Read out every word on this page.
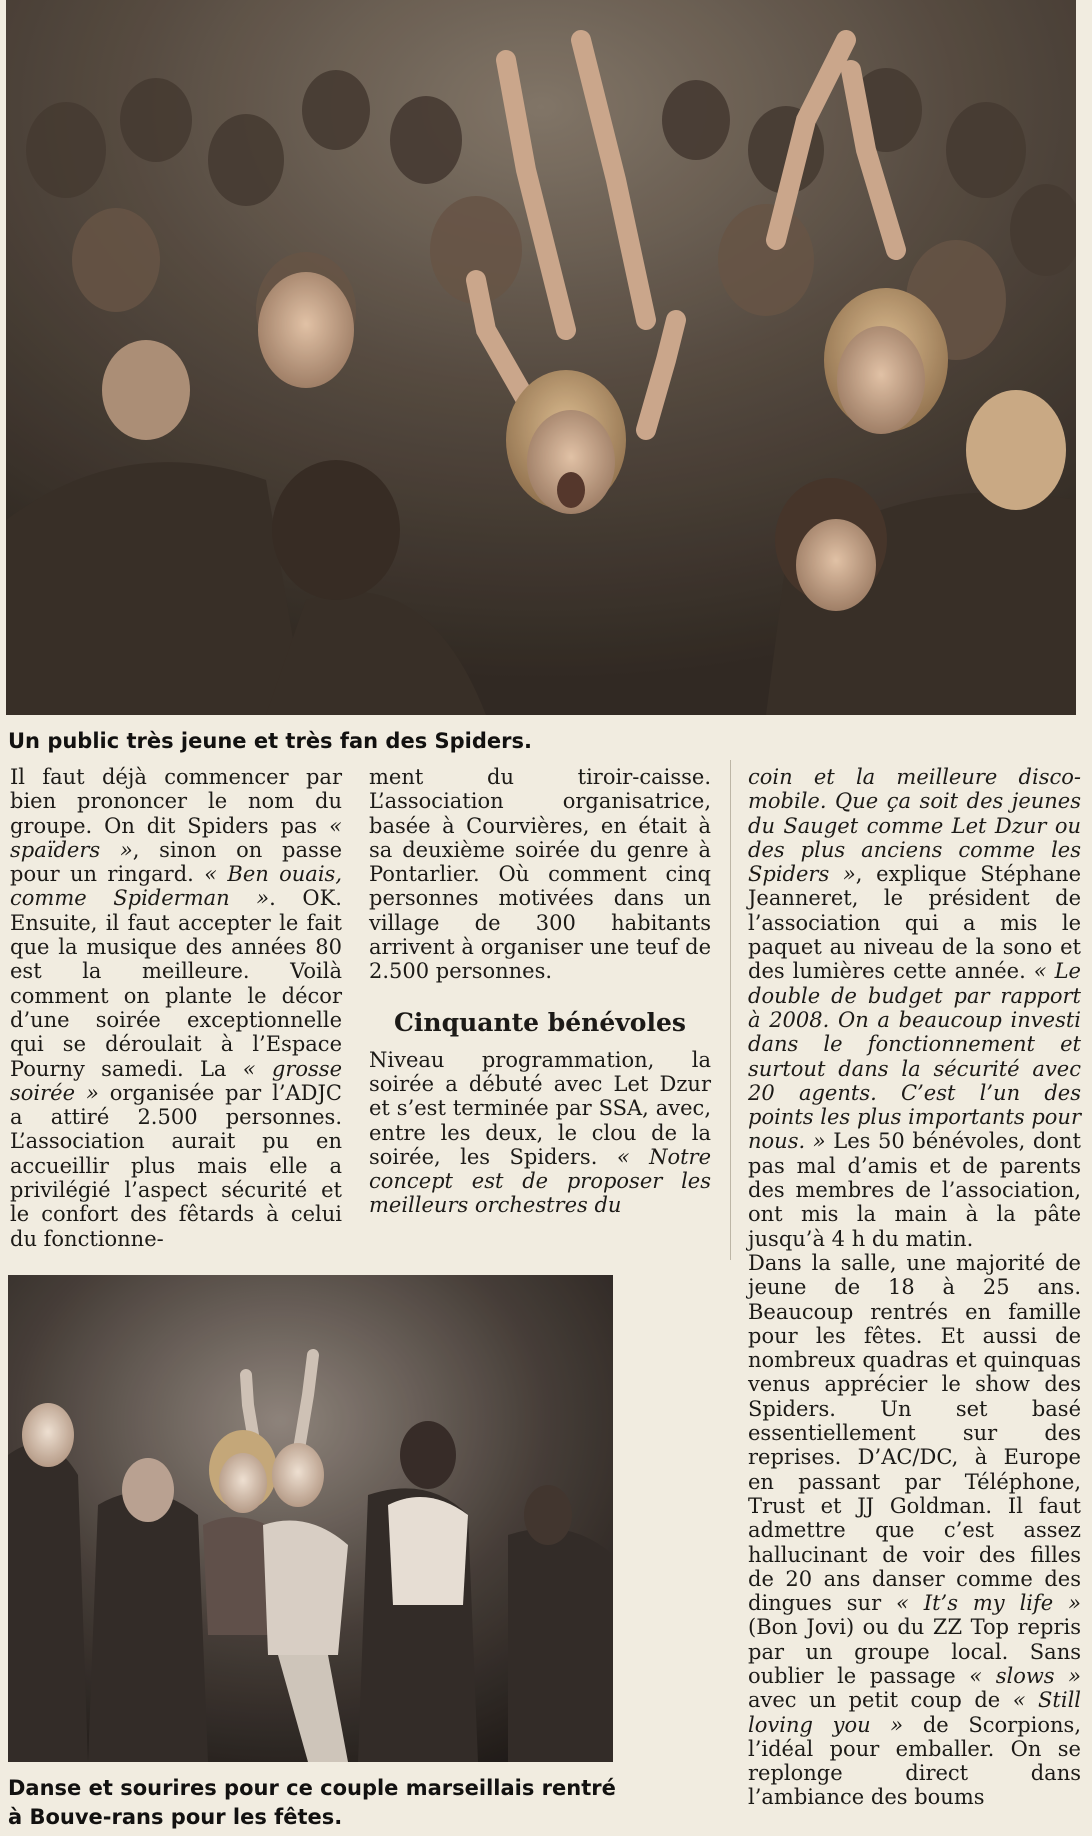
Un public très jeune et très fan des Spiders.

Il faut déjà commencer par bien prononcer le nom du groupe. On dit Spiders pas « spaïders », sinon on passe pour un ringard. « Ben ouais, comme Spiderman ». OK. Ensuite, il faut accepter le fait que la musique des années 80 est la meilleure. Voilà comment on plante le décor d’une soirée exceptionnelle qui se déroulait à l’Espace Pourny samedi. La « grosse soirée » organisée par l’ADJC a attiré 2.500 personnes. L’association aurait pu en accueillir plus mais elle a privilégié l’aspect sécurité et le confort des fêtards à celui du fonctionne-

ment du tiroir-caisse. L’association organisatrice, basée à Courvières, en était à sa deuxième soirée du genre à Pontarlier. Où comment cinq personnes motivées dans un village de 300 habitants arrivent à organiser une teuf de 2.500 personnes.

Cinquante bénévoles

Niveau programmation, la soirée a débuté avec Let Dzur et s’est terminée par SSA, avec, entre les deux, le clou de la soirée, les Spiders. « Notre concept est de proposer les meilleurs orchestres du

coin et la meilleure disco-mobile. Que ça soit des jeunes du Sauget comme Let Dzur ou des plus anciens comme les Spiders », explique Stéphane Jeanneret, le président de l’association qui a mis le paquet au niveau de la sono et des lumières cette année. « Le double de budget par rapport à 2008. On a beaucoup investi dans le fonctionnement et surtout dans la sécurité avec 20 agents. C’est l’un des points les plus importants pour nous. » Les 50 bénévoles, dont pas mal d’amis et de parents des membres de l’association, ont mis la main à la pâte jusqu’à 4 h du matin.

Dans la salle, une majorité de jeune de 18 à 25 ans. Beaucoup rentrés en famille pour les fêtes. Et aussi de nombreux quadras et quinquas venus apprécier le show des Spiders. Un set basé essentiellement sur des reprises. D’AC/DC, à Europe en passant par Téléphone, Trust et JJ Goldman. Il faut admettre que c’est assez hallucinant de voir des filles de 20 ans danser comme des dingues sur « It’s my life » (Bon Jovi) ou du ZZ Top repris par un groupe local. Sans oublier le passage « slows » avec un petit coup de « Still loving you » de Scorpions, l’idéal pour emballer. On se replonge direct dans l’ambiance des boums

Danse et sourires pour ce couple marseillais rentré à Bouve-rans pour les fêtes.
